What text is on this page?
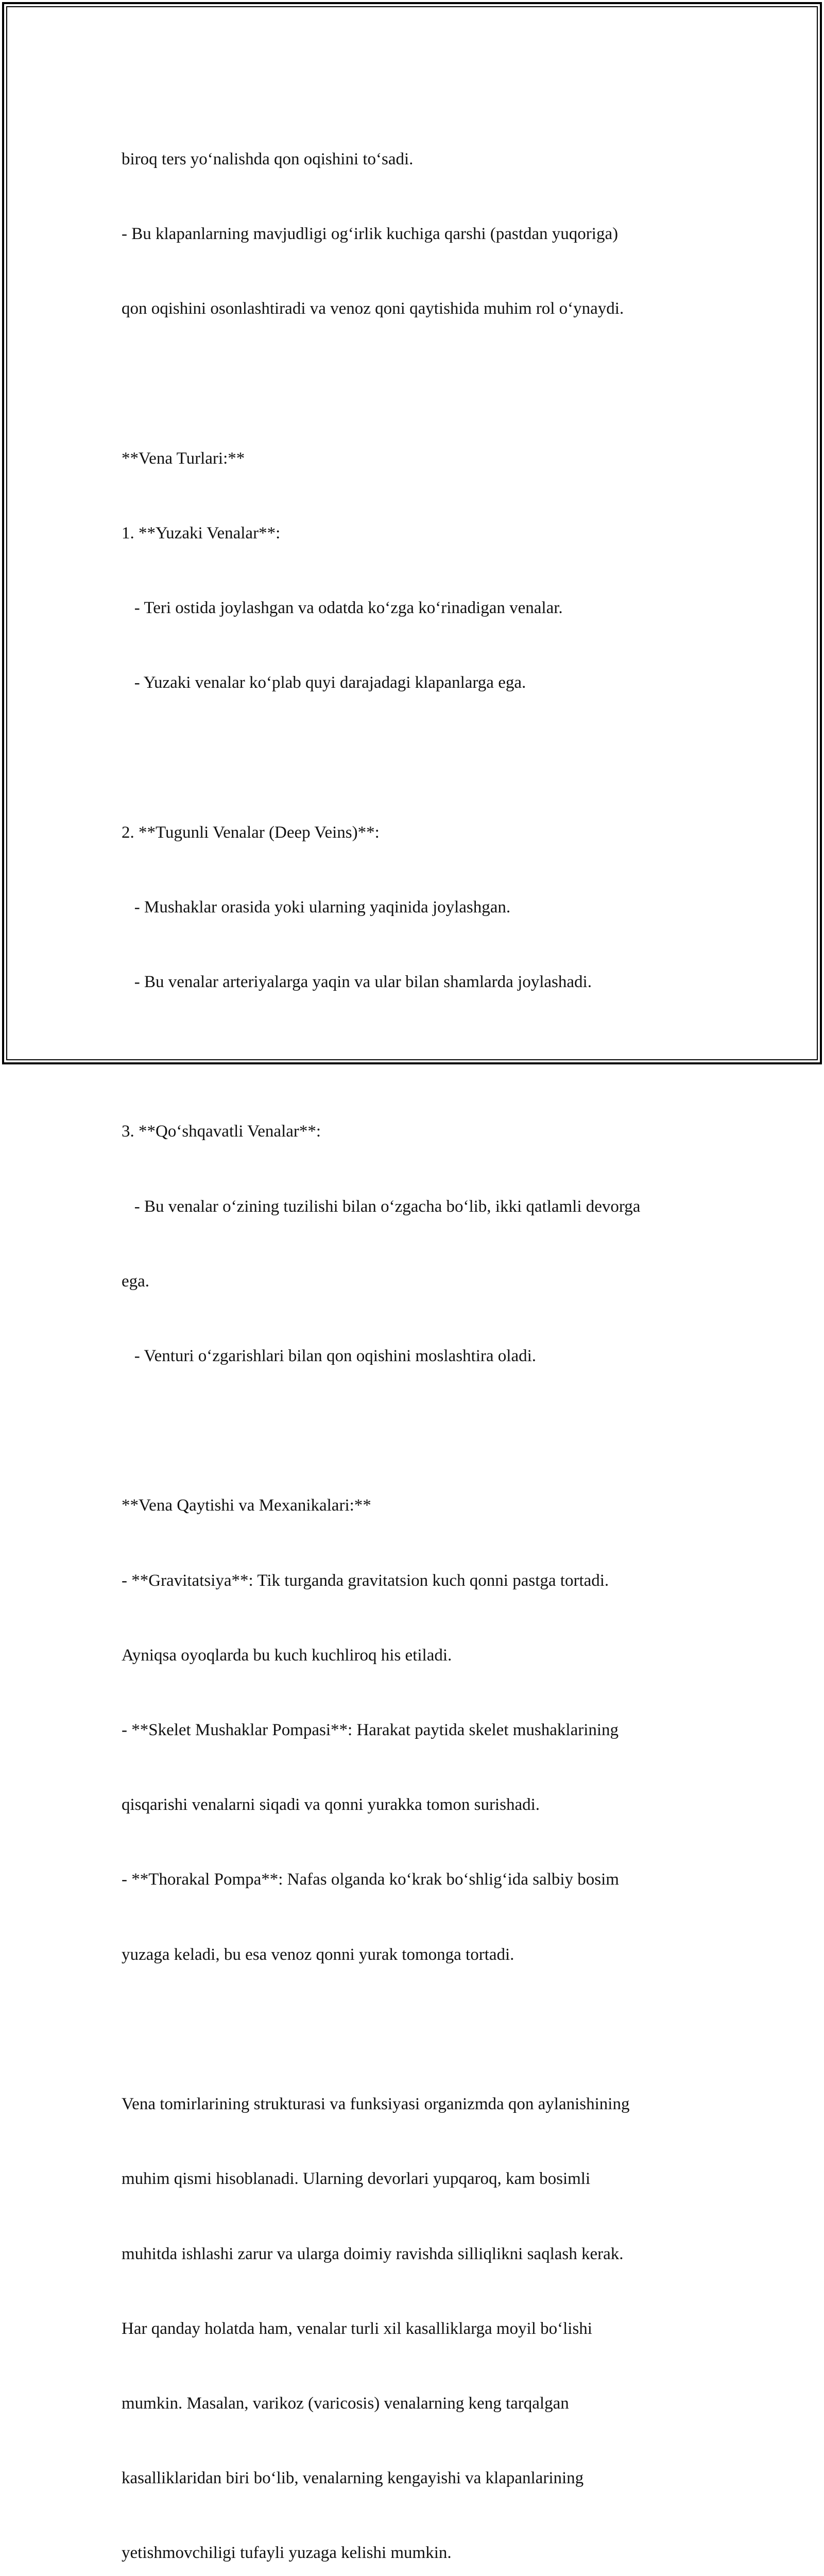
biroq ters yo‘nalishda qon oqishini to‘sadi.

- Bu klapanlarning mavjudligi og‘irlik kuchiga qarshi (pastdan yuqoriga)

qon oqishini osonlashtiradi va venoz qoni qaytishida muhim rol o‘ynaydi.

**Vena Turlari:**

1. **Yuzaki Venalar**:

- Teri ostida joylashgan va odatda ko‘zga ko‘rinadigan venalar.

- Yuzaki venalar ko‘plab quyi darajadagi klapanlarga ega.

2. **Tugunli Venalar (Deep Veins)**:

- Mushaklar orasida yoki ularning yaqinida joylashgan.

- Bu venalar arteriyalarga yaqin va ular bilan shamlarda joylashadi.

3. **Qo‘shqavatli Venalar**:

- Bu venalar o‘zining tuzilishi bilan o‘zgacha bo‘lib, ikki qatlamli devorga

ega.

- Venturi o‘zgarishlari bilan qon oqishini moslashtira oladi.

**Vena Qaytishi va Mexanikalari:**

- **Gravitatsiya**: Tik turganda gravitatsion kuch qonni pastga tortadi.

Ayniqsa oyoqlarda bu kuch kuchliroq his etiladi.

- **Skelet Mushaklar Pompasi**: Harakat paytida skelet mushaklarining

qisqarishi venalarni siqadi va qonni yurakka tomon surishadi.

- **Thorakal Pompa**: Nafas olganda ko‘krak bo‘shlig‘ida salbiy bosim

yuzaga keladi, bu esa venoz qonni yurak tomonga tortadi.

Vena tomirlarining strukturasi va funksiyasi organizmda qon aylanishining

muhim qismi hisoblanadi. Ularning devorlari yupqaroq, kam bosimli

muhitda ishlashi zarur va ularga doimiy ravishda silliqlikni saqlash kerak.

Har qanday holatda ham, venalar turli xil kasalliklarga moyil bo‘lishi

mumkin. Masalan, varikoz (varicosis) venalarning keng tarqalgan

kasalliklaridan biri bo‘lib, venalarning kengayishi va klapanlarining

yetishmovchiligi tufayli yuzaga kelishi mumkin.
